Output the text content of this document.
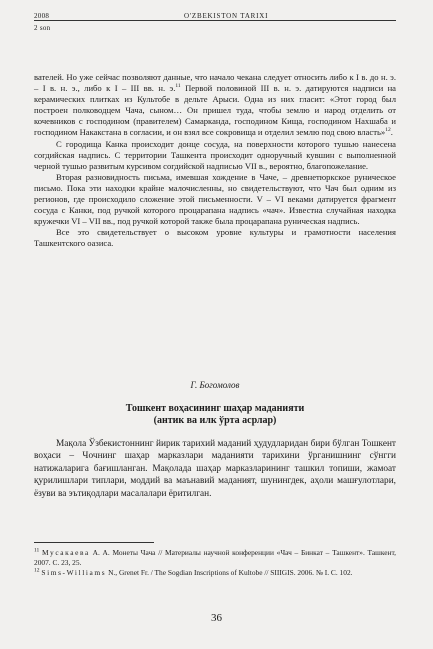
2008	O'ZBEKISTON TARIXI
2 son

вателей. Но уже сейчас позволяют данные, что начало чекана следует относить либо к I в. до н. э. – I в. н. э., либо к I – III вв. н. э.$^{11}$ Первой половиной III в. н. э. датируются надписи на керамических плитках из Культобе в дельте Арыси. Одна из них гласит: «Этот город был построен полководцем Чача, сыном… Он пришел туда, чтобы землю и народ отделить от кочевников с господином (правителем) Самарканда, господином Кища, господином Нахшаба и господином Накакстана в согласии, и он взял все сокровища и отделил землю под свою власть»$^{12}$.

С городища Канка происходит донце сосуда, на поверхности которого тушью нанесена согдийская надпись. С территории Ташкента происходит одноручный кувшин с выполненной черной тушью развитым курсивом согдийской надписью VII в., вероятно, благопожелание.

Вторая разновидность письма, имевшая хождение в Чаче, – древнетюркское руническое письмо. Пока эти находки крайне малочисленны, но свидетельствуют, что Чач был одним из регионов, где происходило сложение этой письменности. V – VI веками датируется фрагмент сосуда с Канки, под ручкой которого процарапана надпись «чач». Известна случайная находка кружечки VI – VII вв., под ручкой которой также была процарапана руническая надпись.

Все это свидетельствует о высоком уровне культуры и грамотности населения Ташкентского оазиса.

Г. Богомолов
Тошкент воҳасининг шаҳар маданияти
(антик ва илк ўрта асрлар)
Мақола Ўзбекистоннинг йирик тарихий маданий ҳудудларидан бири бўлган Тошкент воҳаси – Чочнинг шаҳар марказлари маданияти тарихини ўрганишнинг сўнгги натижаларига бағишланган. Мақолада шаҳар марказларининг ташкил топиши, жамоат қурилишлари типлари, моддий ва маънавий маданият, шунингдек, аҳоли машғулотлари, ёзуви ва эътиқодлари масалалари ёритилган.

$^{11}$ Мусакаева А. А. Монеты Чача // Материалы научной конференции «Чач – Бинкат – Ташкент». Ташкент, 2007. С. 23, 25.

$^{12}$ Sims-Williams N., Grenet Fr. / The Sogdian Inscriptions of Kultobe // SIIIGIS. 2006. № I. C. 102.

36
